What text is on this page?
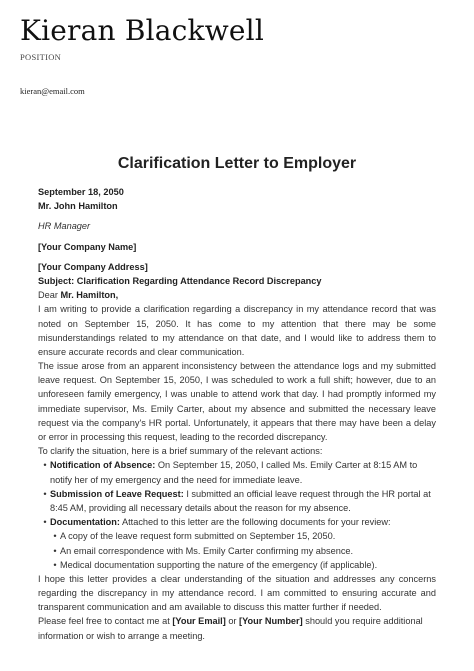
Kieran Blackwell
POSITION
kieran@email.com
Clarification Letter to Employer
September 18, 2050
Mr. John Hamilton
HR Manager
[Your Company Name]
[Your Company Address]
Subject: Clarification Regarding Attendance Record Discrepancy
Dear Mr. Hamilton,
I am writing to provide a clarification regarding a discrepancy in my attendance record that was
noted on September 15, 2050. It has come to my attention that there may be some
misunderstandings related to my attendance on that date, and I would like to address them to
ensure accurate records and clear communication.
The issue arose from an apparent inconsistency between the attendance logs and my submitted
leave request. On September 15, 2050, I was scheduled to work a full shift; however, due to an
unforeseen family emergency, I was unable to attend work that day. I had promptly informed my
immediate supervisor, Ms. Emily Carter, about my absence and submitted the necessary leave
request via the company's HR portal. Unfortunately, it appears that there may have been a delay
or error in processing this request, leading to the recorded discrepancy.
To clarify the situation, here is a brief summary of the relevant actions:
• Notification of Absence: On September 15, 2050, I called Ms. Emily Carter at 8:15 AM to
notify her of my emergency and the need for immediate leave.
• Submission of Leave Request: I submitted an official leave request through the HR portal at
8:45 AM, providing all necessary details about the reason for my absence.
• Documentation: Attached to this letter are the following documents for your review:
• A copy of the leave request form submitted on September 15, 2050.
• An email correspondence with Ms. Emily Carter confirming my absence.
• Medical documentation supporting the nature of the emergency (if applicable).
I hope this letter provides a clear understanding of the situation and addresses any concerns
regarding the discrepancy in my attendance record. I am committed to ensuring accurate and
transparent communication and am available to discuss this matter further if needed.
Please feel free to contact me at [Your Email] or [Your Number] should you require additional
information or wish to arrange a meeting.
